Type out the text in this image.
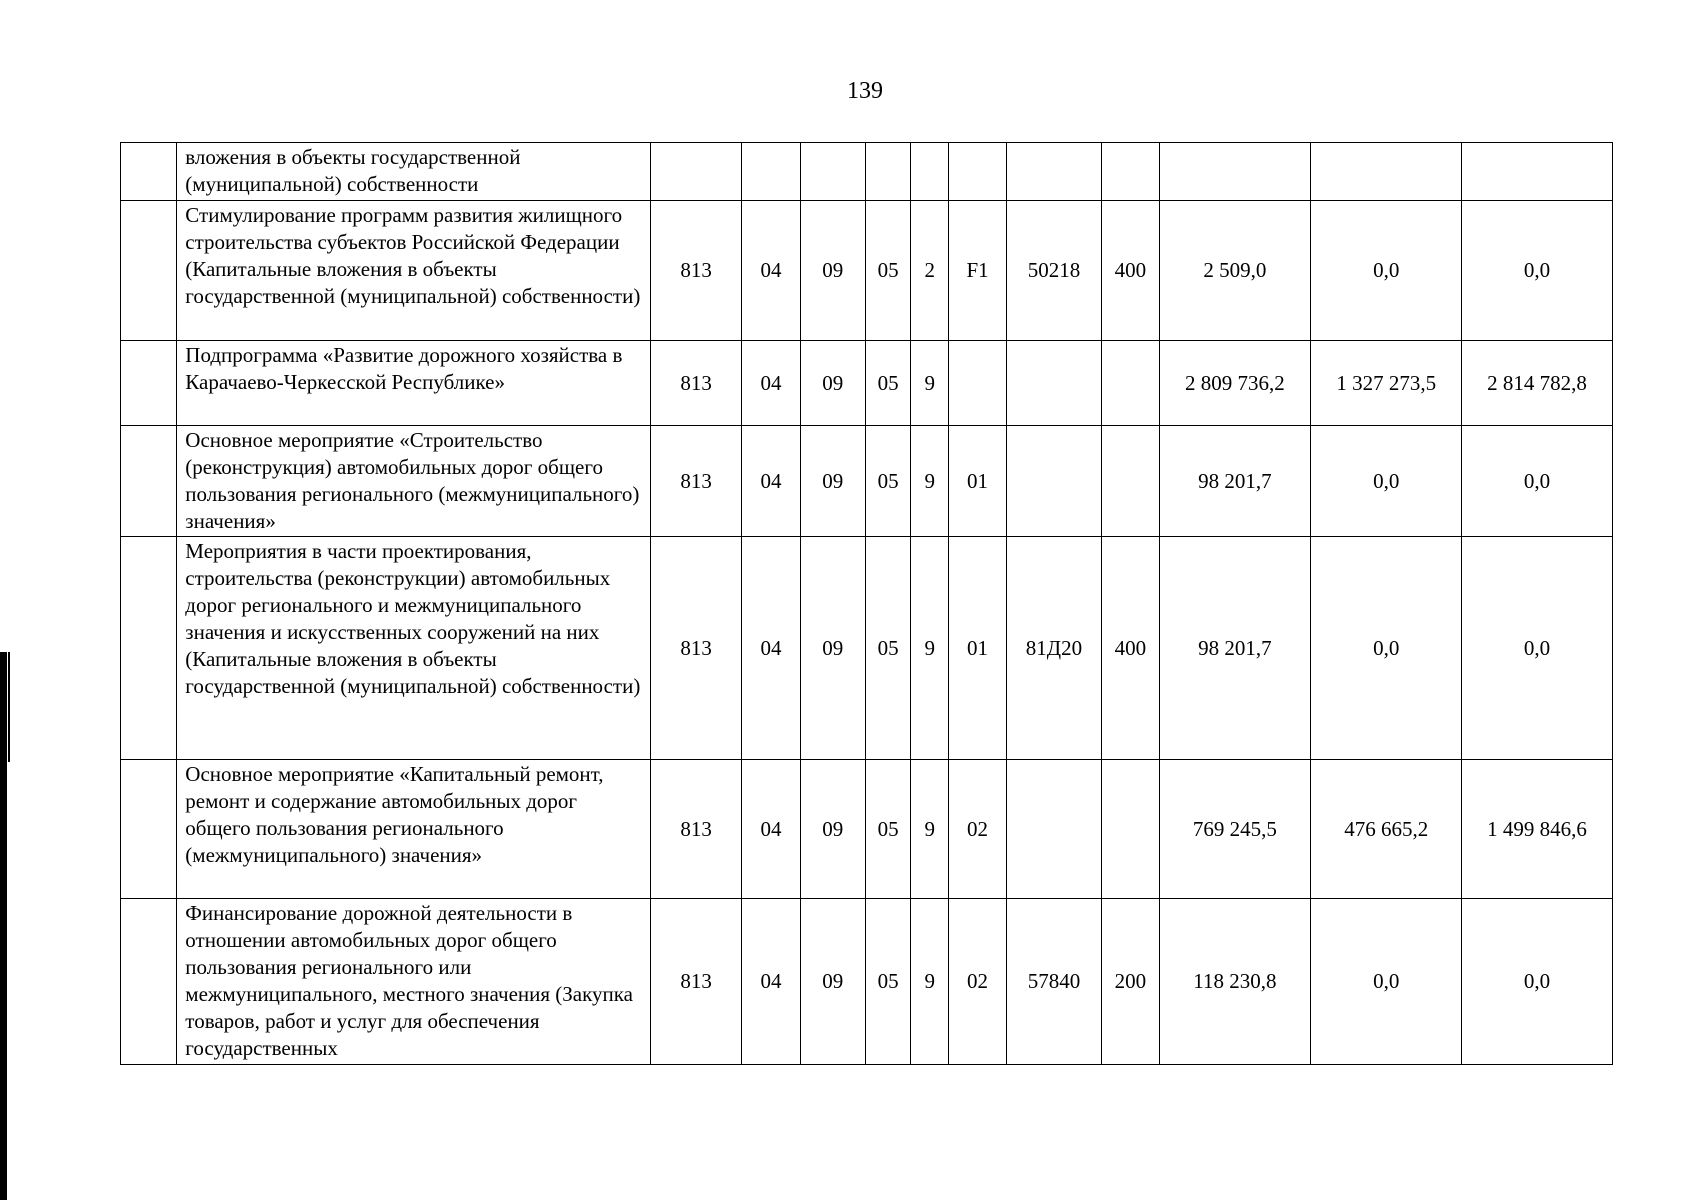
139
	вложения в объекты государственной (муниципальной) собственности											
	Стимулирование программ развития жилищного строительства субъектов Российской Федерации (Капитальные вложения в объекты государственной (муниципальной) собственности)	813	04	09	05	2	F1	50218	400	2 509,0	0,0	0,0
	Подпрограмма «Развитие дорожного хозяйства в Карачаево-Черкесской Республике»	813	04	09	05	9				2 809 736,2	1 327 273,5	2 814 782,8
	Основное мероприятие «Строительство (реконструкция) автомобильных дорог общего пользования регионального (межмуниципального) значения»	813	04	09	05	9	01			98 201,7	0,0	0,0
	Мероприятия в части проектирования, строительства (реконструкции) автомобильных дорог регионального и межмуниципального значения и искусственных сооружений на них (Капитальные вложения в объекты государственной (муниципальной) собственности)	813	04	09	05	9	01	81Д20	400	98 201,7	0,0	0,0
	Основное мероприятие «Капитальный ремонт, ремонт и содержание автомобильных дорог общего пользования регионального (межмуниципального) значения»	813	04	09	05	9	02			769 245,5	476 665,2	1 499 846,6
	Финансирование дорожной деятельности в отношении автомобильных дорог общего пользования регионального или межмуниципального, местного значения (Закупка товаров, работ и услуг для обеспечения государственных	813	04	09	05	9	02	57840	200	118 230,8	0,0	0,0
